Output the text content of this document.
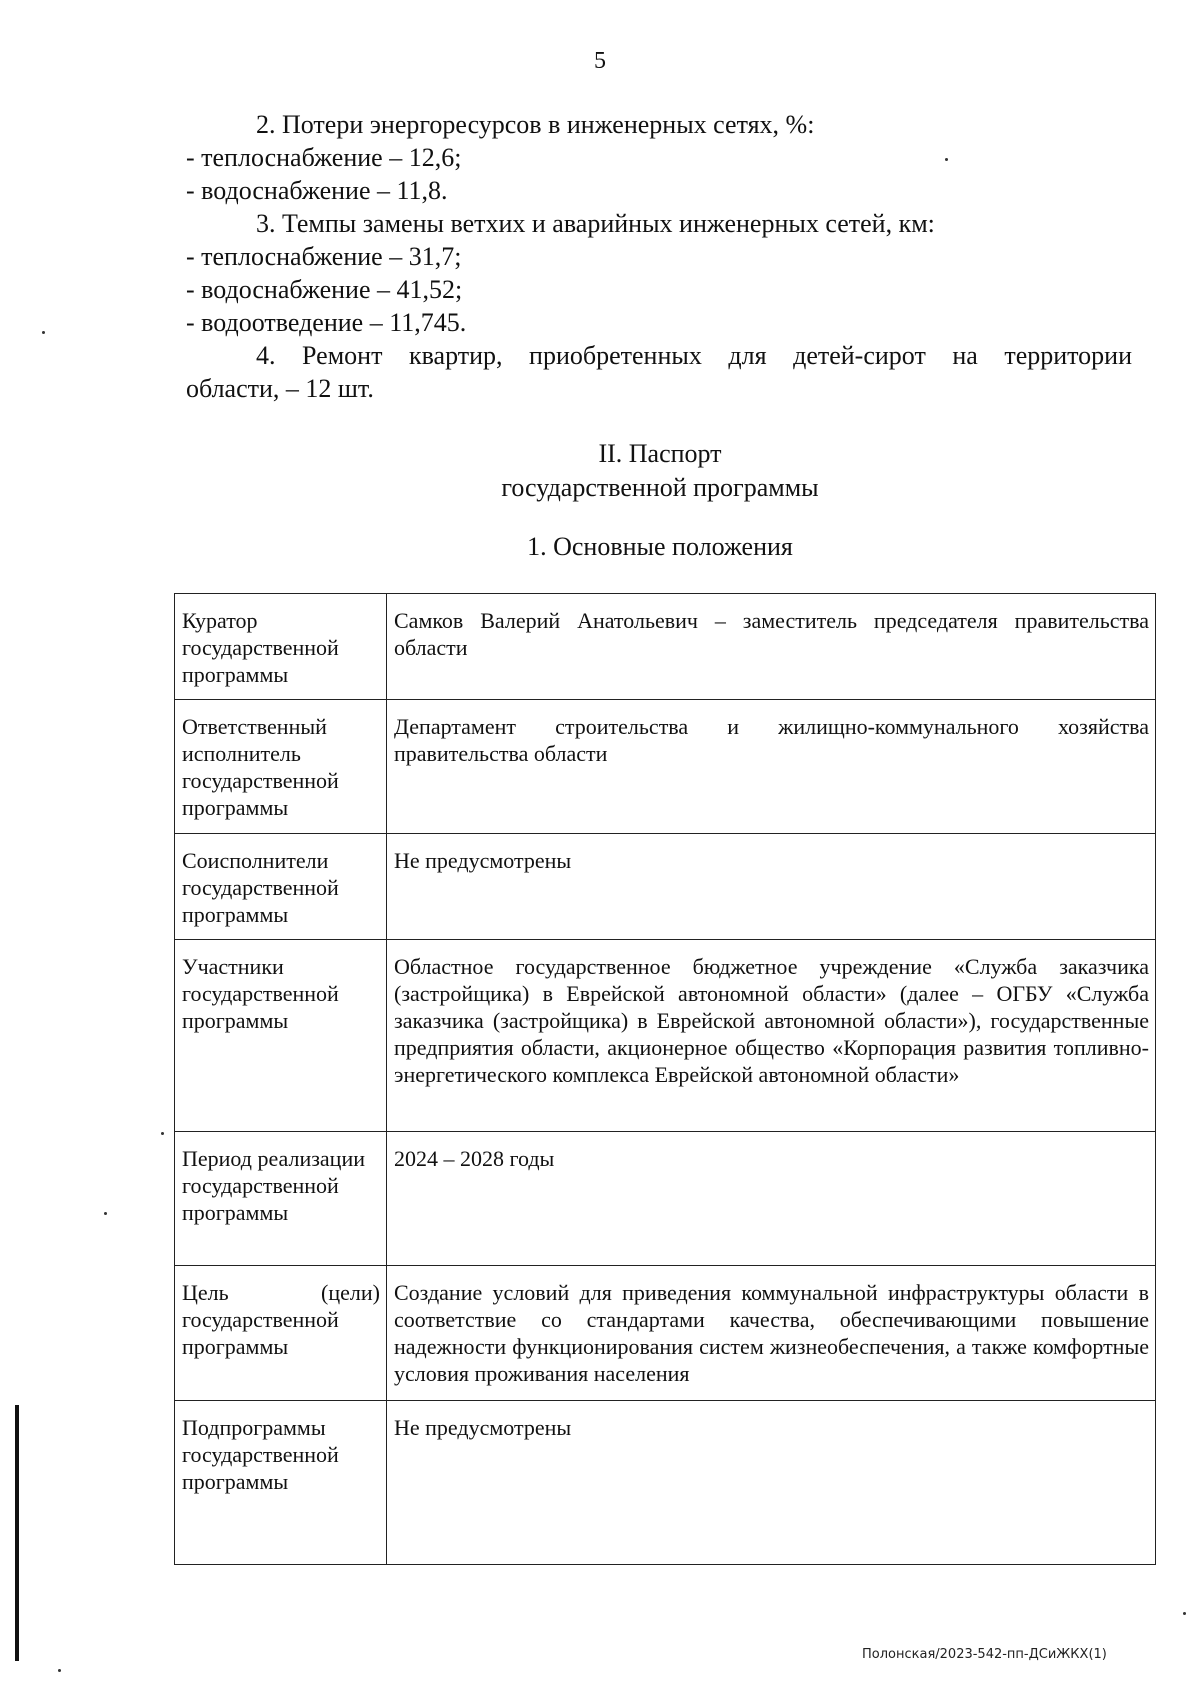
5

2. Потери энергоресурсов в инженерных сетях, %:

- теплоснабжение – 12,6;

- водоснабжение – 11,8.

3. Темпы замены ветхих и аварийных инженерных сетей, км:

- теплоснабжение – 31,7;

- водоснабжение – 41,52;

- водоотведение – 11,745.

4. Ремонт квартир, приобретенных для детей-сирот на территории

области, – 12 шт.

II. Паспорт
государственной программы
1. Основные положения
Куратор государственной программы	Самков Валерий Анатольевич – заместитель председателя правительства области
Ответственный исполнитель государственной программы	Департамент строительства и жилищно-коммунального хозяйства правительства области
Соисполнители государственной программы	Не предусмотрены
Участники государственной программы	Областное государственное бюджетное учреждение «Служба заказчика (застройщика) в Еврейской автономной области» (далее – ОГБУ «Служба заказчика (застройщика) в Еврейской автономной области»), государственные предприятия области, акционерное общество «Корпорация развития топливно-энергетического комплекса Еврейской автономной области»
Период реализации государственной программы	2024 – 2028 годы

Цель (цели)
государственной программы	Создание условий для приведения коммунальной инфраструктуры области в соответствие со стандартами качества, обеспечивающими повышение надежности функционирования систем жизнеобеспечения, а также комфортные условия проживания населения
Подпрограммы государственной программы	Не предусмотрены
Полонская/2023-542-пп-ДСиЖКХ(1)
